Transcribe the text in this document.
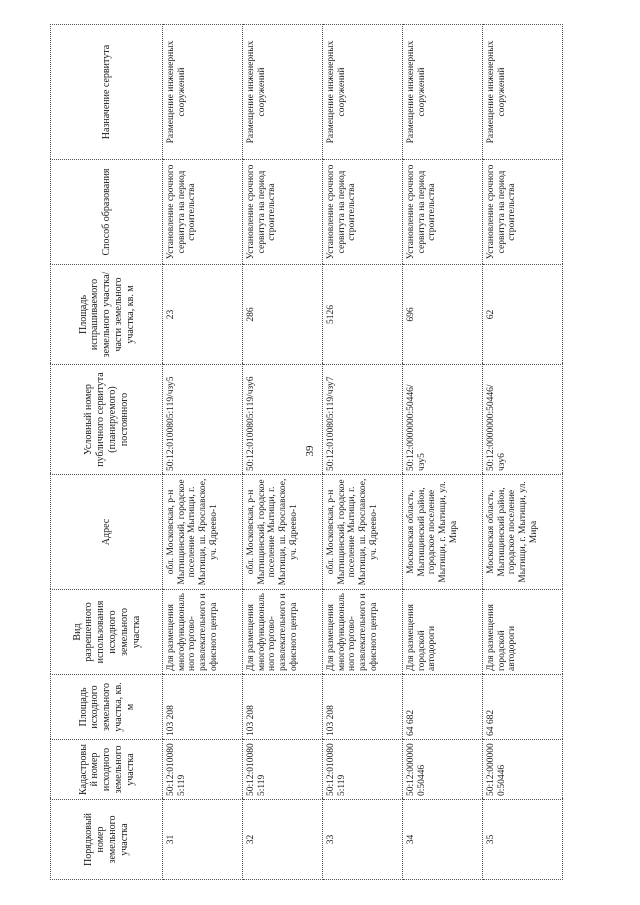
39
Порядковый номер земельного участка	Кадастровый номер исходного земельного участка	Площадь исходного земельного участка, кв. м	Вид разрешенного использования исходного земельного участка	Адрес	Условный номер публичного сервитута (планируемого) постоянного	Площадь испрашиваемого земельного участка/части земельного участка, кв. м	Способ образования	Назначение сервитута
31	50:12:0100805:119	103 208	Для размещения многофункционального торгово-развлекательного и офисного центра	обл. Московская, р-н Мытищинский, городское поселение Мытищи, г. Мытищи, ш. Ярославское, уч. Ядреево-1	50:12:0100805:119/чзу5	23	Установление срочного сервитута на период строительства	Размещение инженерных сооружений
32	50:12:0100805:119	103 208	Для размещения многофункционального торгово-развлекательного и офисного центра	обл. Московская, р-н Мытищинский, городское поселение Мытищи, г. Мытищи, ш. Ярославское, уч. Ядреево-1	50:12:0100805:119/чзу6	286	Установление срочного сервитута на период строительства	Размещение инженерных сооружений
33	50:12:0100805:119	103 208	Для размещения многофункционального торгово-развлекательного и офисного центра	обл. Московская, р-н Мытищинский, городское поселение Мытищи, г. Мытищи, ш. Ярославское, уч. Ядреево-1	50:12:0100805:119/чзу7	5126	Установление срочного сервитута на период строительства	Размещение инженерных сооружений
34	50:12:0000000:50446	64 682	Для размещения городской автодороги	Московская область, Мытищинский район, городское поселение Мытищи, г. Мытищи, ул. Мира	50:12:0000000:50446/чзу5	696	Установление срочного сервитута на период строительства	Размещение инженерных сооружений
35	50:12:0000000:50446	64 682	Для размещения городской автодороги	Московская область, Мытищинский район, городское поселение Мытищи, г. Мытищи, ул. Мира	50:12:0000000:50446/чзу6	62	Установление срочного сервитута на период строительства	Размещение инженерных сооружений
